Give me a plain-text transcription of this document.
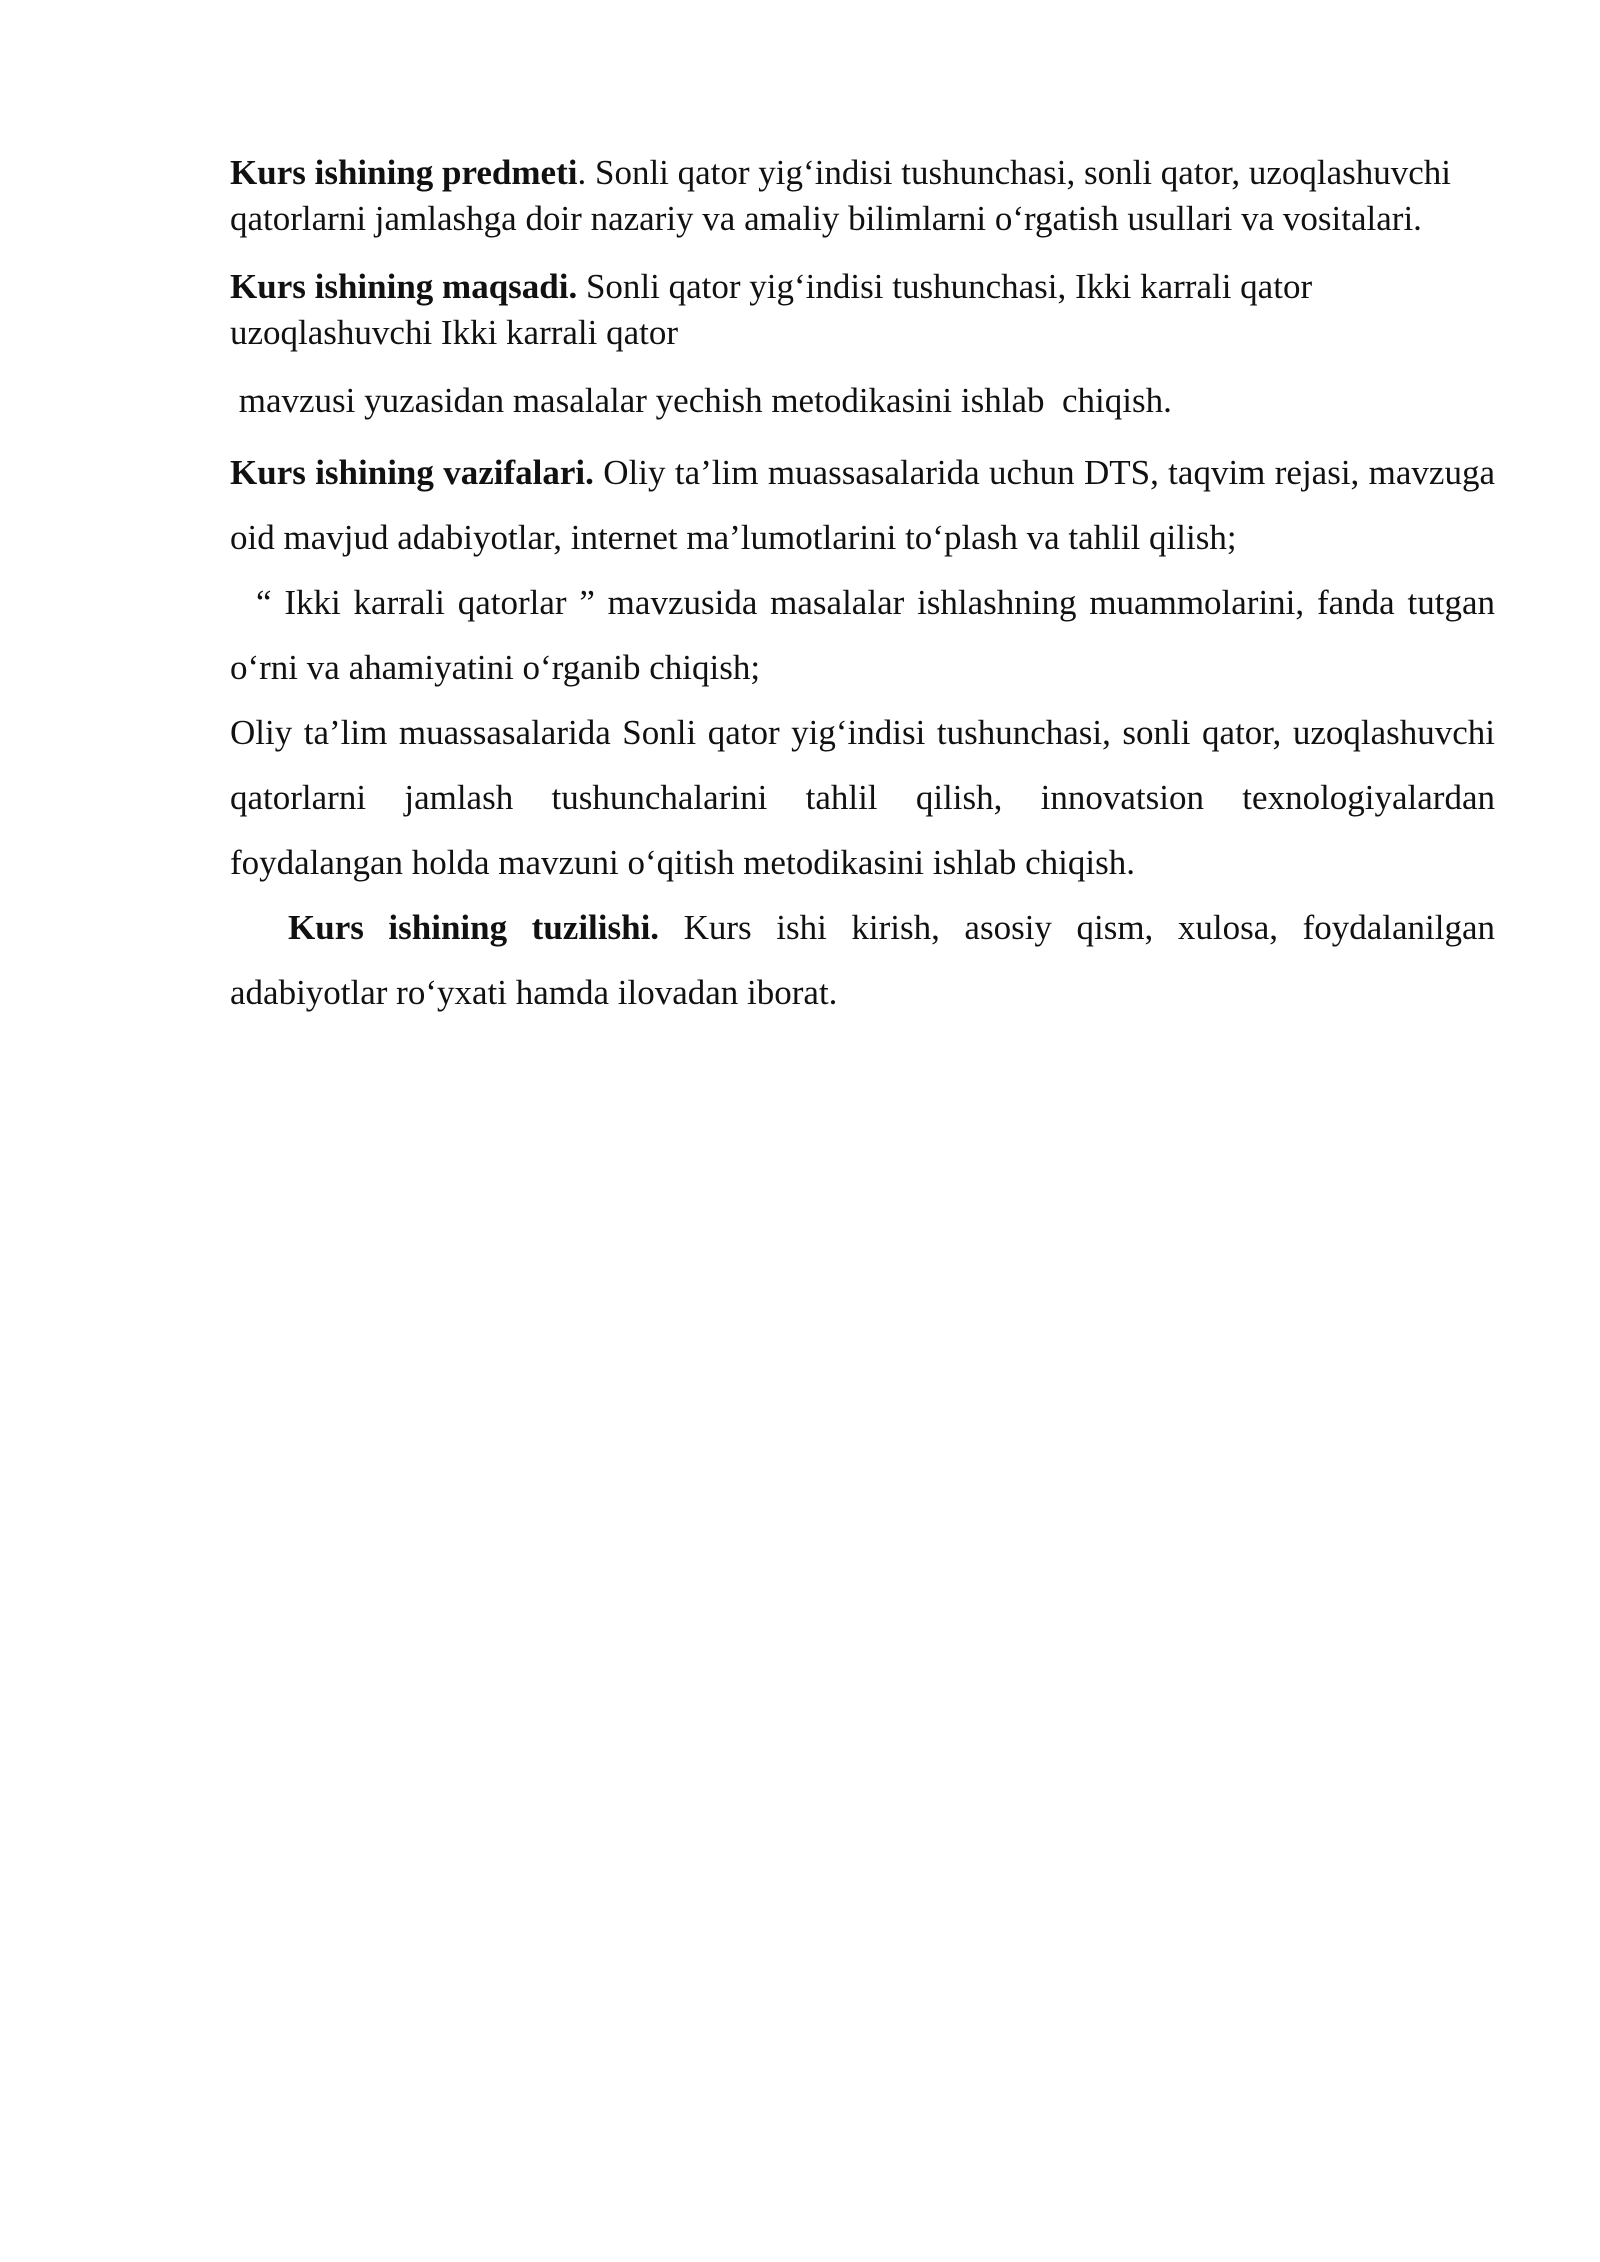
Kurs ishining predmeti. Sonli qator yig‘indisi tushunchasi, sonli qator, uzoqlashuvchi qatorlarni jamlashga doir nazariy va amaliy bilimlarni o‘rgatish usullari va vositalari.

Kurs ishining maqsadi. Sonli qator yig‘indisi tushunchasi, Ikki karrali qator uzoqlashuvchi Ikki karrali qator

mavzusi yuzasidan masalalar yechish metodikasini ishlab  chiqish.

Kurs ishining vazifalari. Oliy ta’lim muassasalarida uchun DTS, taqvim rejasi, mavzuga oid mavjud adabiyotlar, internet ma’lumotlarini to‘plash va tahlil qilish;

“ Ikki karrali qatorlar ” mavzusida masalalar ishlashning muammolarini, fanda tutgan o‘rni va ahamiyatini o‘rganib chiqish;

Oliy ta’lim muassasalarida Sonli qator yig‘indisi tushunchasi, sonli qator, uzoqlashuvchi qatorlarni jamlash tushunchalarini tahlil qilish, innovatsion texnologiyalardan foydalangan holda mavzuni o‘qitish metodikasini ishlab chiqish.

Kurs ishining tuzilishi. Kurs ishi kirish, asosiy qism, xulosa, foydalanilgan adabiyotlar ro‘yxati hamda ilovadan iborat.
